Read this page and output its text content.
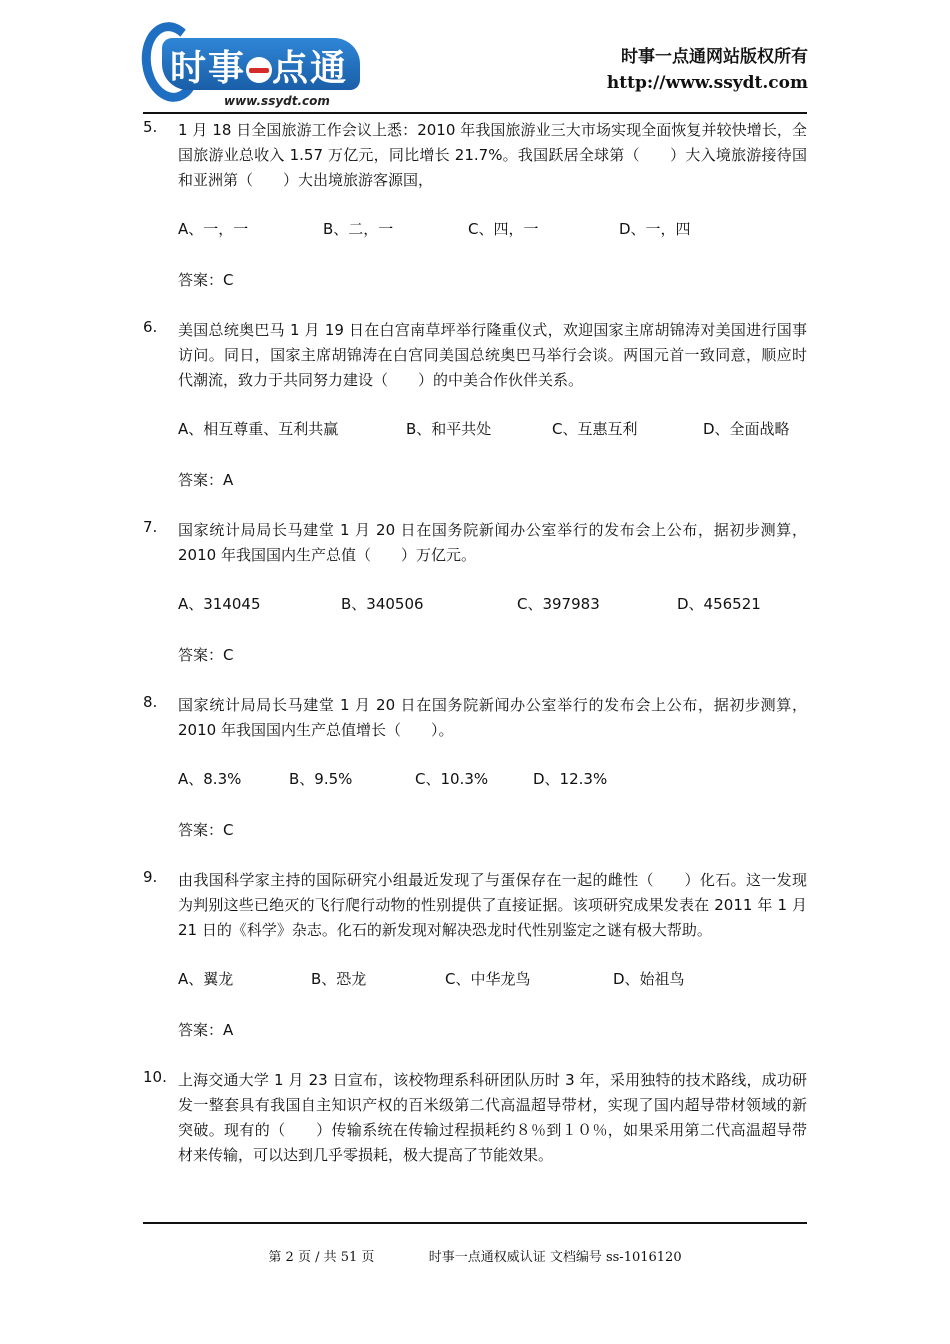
时事 点通
www.ssydt.com
时事一点通网站版权所有
http://www.ssydt.com
5. 1 月 18 日全国旅游工作会议上悉：2010 年我国旅游业三大市场实现全面恢复并较快增长，全国旅游业总收入 1.57 万亿元，同比增长 21.7%。我国跃居全球第（　　）大入境旅游接待国和亚洲第（　　）大出境旅游客源国，
A、一，一	B、二，一	C、四，一	D、一，四
答案：C
6. 美国总统奥巴马 1 月 19 日在白宫南草坪举行隆重仪式，欢迎国家主席胡锦涛对美国进行国事访问。同日，国家主席胡锦涛在白宫同美国总统奥巴马举行会谈。两国元首一致同意，顺应时代潮流，致力于共同努力建设（　　）的中美合作伙伴关系。
A、相互尊重、互利共赢	B、和平共处	C、互惠互利	D、全面战略
答案：A
7. 国家统计局局长马建堂 1 月 20 日在国务院新闻办公室举行的发布会上公布，据初步测算，2010 年我国国内生产总值（　　）万亿元。
A、314045	B、340506	C、397983	D、456521
答案：C
8. 国家统计局局长马建堂 1 月 20 日在国务院新闻办公室举行的发布会上公布，据初步测算，2010 年我国国内生产总值增长（　　）。
A、8.3%	B、9.5%	C、10.3%	D、12.3%
答案：C
9. 由我国科学家主持的国际研究小组最近发现了与蛋保存在一起的雌性（　　）化石。这一发现为判别这些已绝灭的飞行爬行动物的性别提供了直接证据。该项研究成果发表在 2011 年 1 月 21 日的《科学》杂志。化石的新发现对解决恐龙时代性别鉴定之谜有极大帮助。
A、翼龙	B、恐龙	C、中华龙鸟	D、始祖鸟
答案：A
10. 上海交通大学 1 月 23 日宣布，该校物理系科研团队历时 3 年，采用独特的技术路线，成功研发一整套具有我国自主知识产权的百米级第二代高温超导带材，实现了国内超导带材领域的新突破。现有的（　　）传输系统在传输过程损耗约８％到１０％，如果采用第二代高温超导带材来传输，可以达到几乎零损耗，极大提高了节能效果。
第 2 页 / 共 51 页	时事一点通权威认证 文档编号 ss-1016120
